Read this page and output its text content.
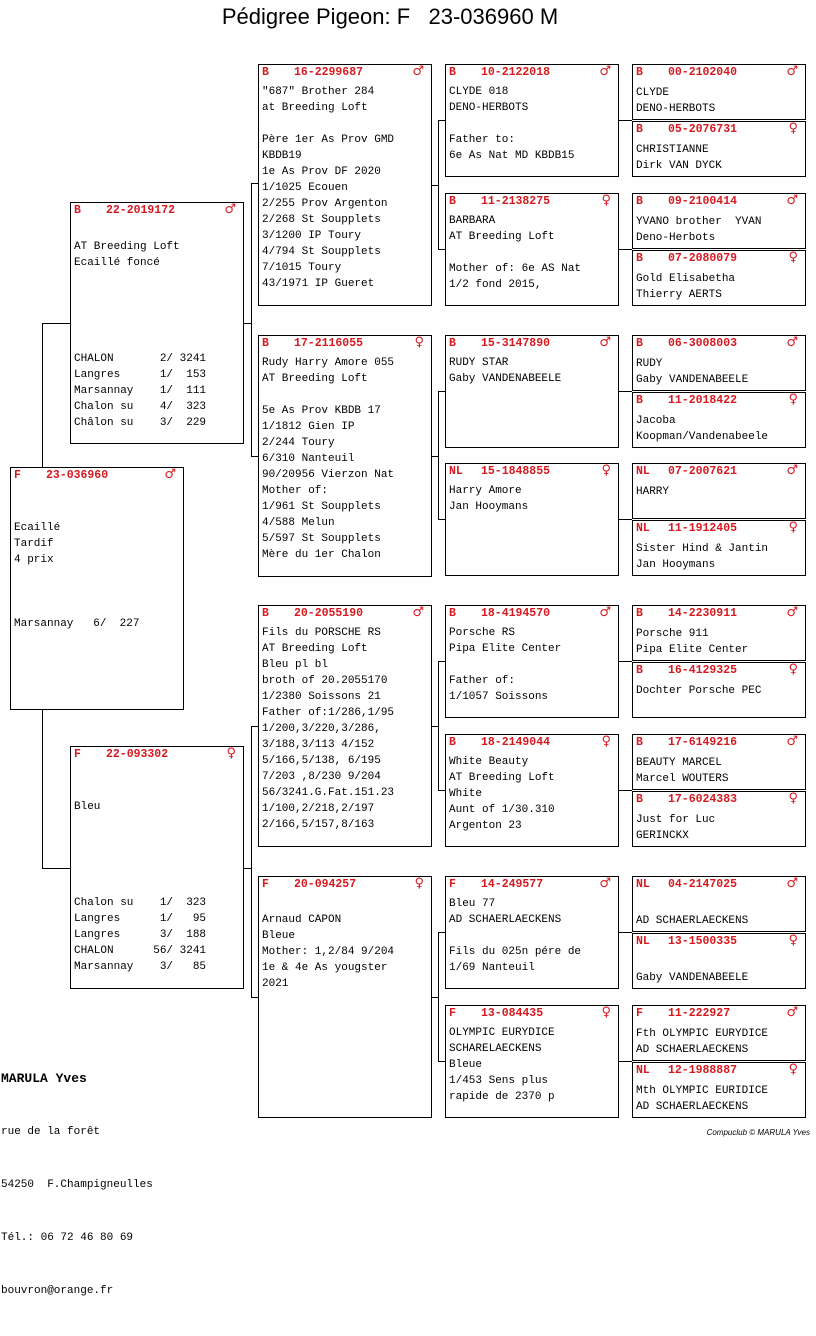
Pédigree Pigeon: F   23-036960 M
F 23-036960	♂
Ecaillé
Tardif
4 prix

Marsannay   6/  227
B 22-2019172	♂
AT Breeding Loft
Ecaillé foncé
CHALON       2/ 3241
Langres      1/  153
Marsannay    1/  111
Chalon su    4/  323
Châlon su    3/  229
F 22-093302	♀

Bleu
Chalon su    1/  323
Langres      1/   95
Langres      3/  188
CHALON      56/ 3241
Marsannay    3/   85
B 16-2299687	♂
"687" Brother 284
at Breeding Loft

Père 1er As Prov GMD
KBDB19
1e As Prov DF 2020
1/1025 Ecouen
2/255 Prov Argenton
2/268 St Soupplets
3/1200 IP Toury
4/794 St Soupplets
7/1015 Toury
43/1971 IP Gueret
B 17-2116055	♀
Rudy Harry Amore 055
AT Breeding Loft

5e As Prov KBDB 17
1/1812 Gien IP
2/244 Toury
6/310 Nanteuil
90/20956 Vierzon Nat
Mother of:
1/961 St Soupplets
4/588 Melun
5/597 St Soupplets
Mère du 1er Chalon
B 20-2055190	♂
Fils du PORSCHE RS
AT Breeding Loft
Bleu pl bl
broth of 20.2055170
1/2380 Soissons 21
Father of:1/286,1/95
1/200,3/220,3/286,
3/188,3/113 4/152
5/166,5/138, 6/195
7/203 ,8/230 9/204
56/3241.G.Fat.151.23
1/100,2/218,2/197
2/166,5/157,8/163
F 20-094257	♀

Arnaud CAPON
Bleue
Mother: 1,2/84 9/204
1e & 4e As yougster
2021
B 10-2122018	♂
CLYDE 018
DENO-HERBOTS

Father to:
6e As Nat MD KBDB15
B 11-2138275	♀
BARBARA
AT Breeding Loft

Mother of: 6e AS Nat
1/2 fond 2015,
B 15-3147890	♂
RUDY STAR
Gaby VANDENABEELE
NL 15-1848855	♀
Harry Amore
Jan Hooymans
B 18-4194570	♂
Porsche RS
Pipa Elite Center

Father of:
1/1057 Soissons
B 18-2149044	♀
White Beauty
AT Breeding Loft
White
Aunt of 1/30.310
Argenton 23
F 14-249577	♂
Bleu 77
AD SCHAERLAECKENS

Fils du 025n pére de
1/69 Nanteuil
F 13-084435	♀
OLYMPIC EURYDICE
SCHARELAECKENS
Bleue
1/453 Sens plus
rapide de 2370 p
B 00-2102040	♂
CLYDE
DENO-HERBOTS
B 05-2076731	♀
CHRISTIANNE
Dirk VAN DYCK
B 09-2100414	♂
YVANO brother  YVAN
Deno-Herbots
B 07-2080079	♀
Gold Elisabetha
Thierry AERTS
B 06-3008003	♂
RUDY
Gaby VANDENABEELE
B 11-2018422	♀
Jacoba
Koopman/Vandenabeele
NL 07-2007621	♂
HARRY
NL 11-1912405	♀
Sister Hind & Jantin
Jan Hooymans
B 14-2230911	♂
Porsche 911
Pipa Elite Center
B 16-4129325	♀
Dochter Porsche PEC
B 17-6149216	♂
BEAUTY MARCEL
Marcel WOUTERS
B 17-6024383	♀
Just for Luc
GERINCKX
NL 04-2147025	♂

AD SCHAERLAECKENS
NL 13-1500335	♀

Gaby VANDENABEELE
F 11-222927	♂
Fth OLYMPIC EURYDICE
AD SCHAERLAECKENS
NL 12-1988887	♀
Mth OLYMPIC EURIDICE
AD SCHAERLAECKENS

MARULA Yves

rue de la forêt

54250  F.Champigneulles

Tél.: 06 72 46 80 69

bouvron@orange.fr

Compuclub © MARULA Yves
